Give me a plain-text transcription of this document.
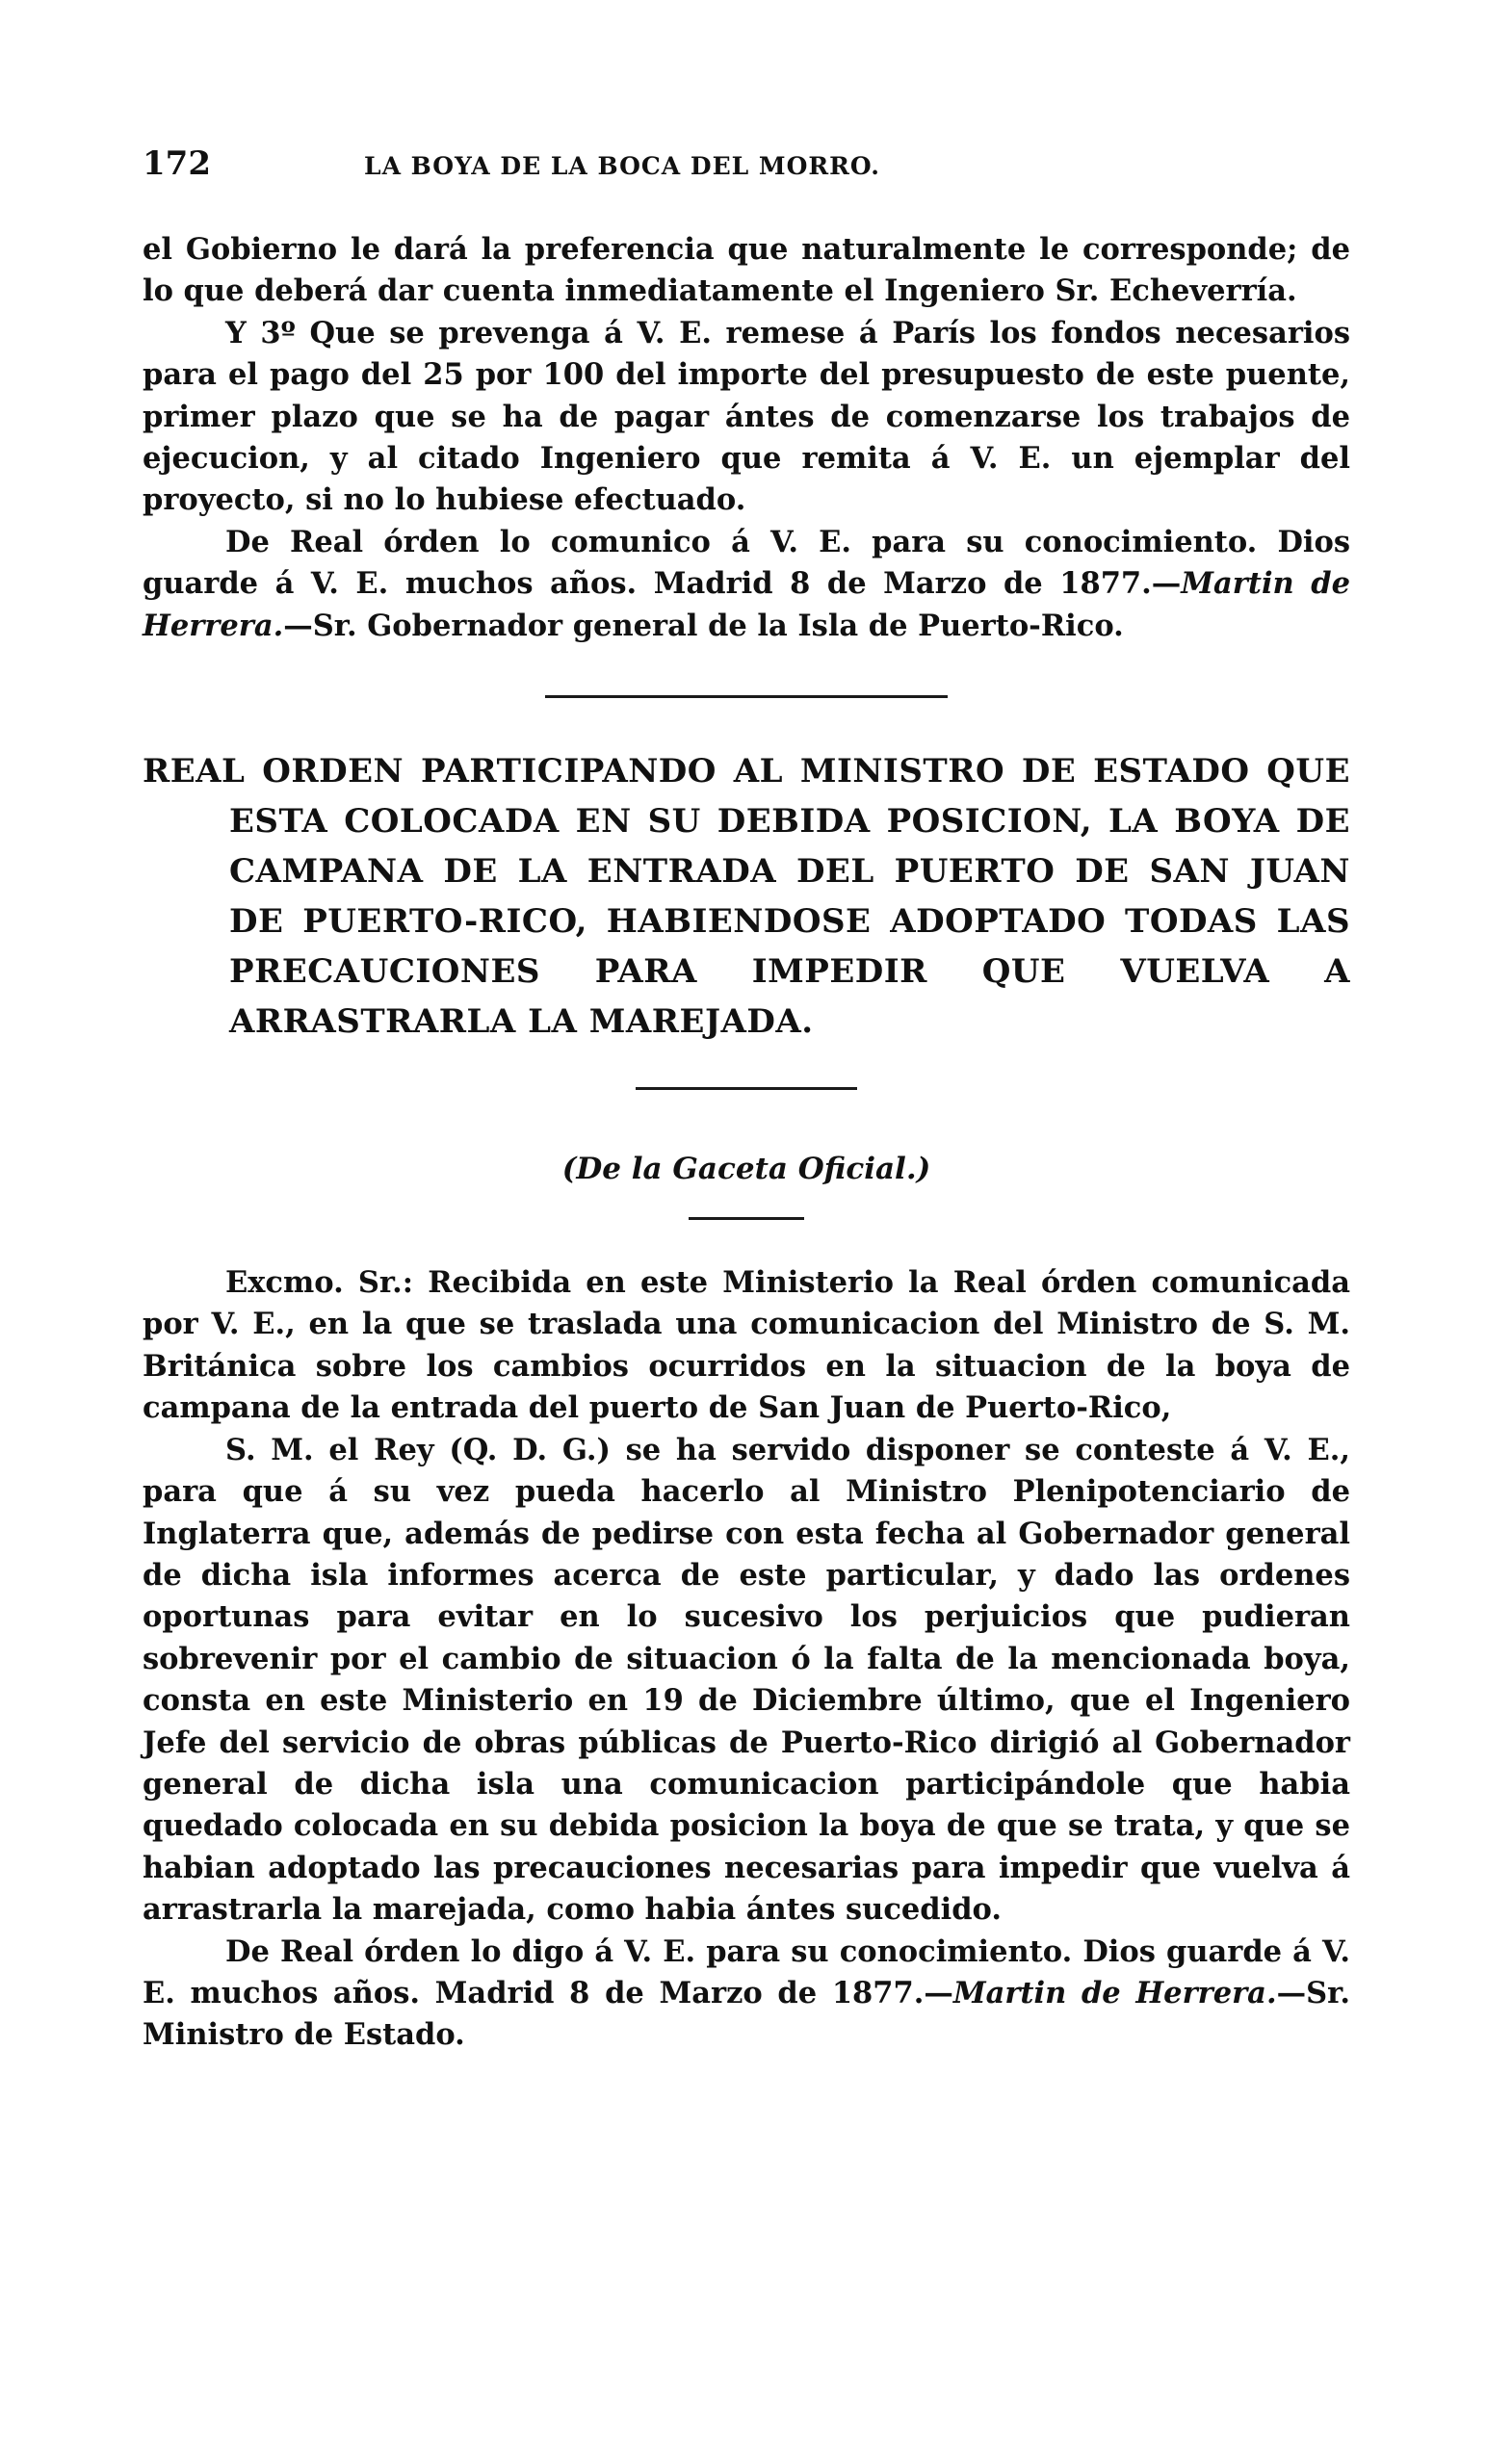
172	LA BOYA DE LA BOCA DEL MORRO.

el Gobierno le dará la preferencia que naturalmente le corresponde; de lo que deberá dar cuenta inmediatamente el Ingeniero Sr. Echeverría.

Y 3º Que se prevenga á V. E. remese á París los fondos necesarios para el pago del 25 por 100 del importe del presupuesto de este puente, primer plazo que se ha de pagar ántes de comenzarse los trabajos de ejecucion, y al citado Ingeniero que remita á V. E. un ejemplar del proyecto, si no lo hubiese efectuado.

De Real órden lo comunico á V. E. para su conocimiento. Dios guarde á V. E. muchos años. Madrid 8 de Marzo de 1877.—Martin de Herrera.—Sr. Gobernador general de la Isla de Puerto-Rico.

REAL ORDEN PARTICIPANDO AL MINISTRO DE ESTADO QUE ESTA COLOCADA EN SU DEBIDA POSICION, LA BOYA DE CAMPANA DE LA ENTRADA DEL PUERTO DE SAN JUAN DE PUERTO-RICO, HABIENDOSE ADOPTADO TODAS LAS PRECAUCIONES PARA IMPEDIR QUE VUELVA A ARRASTRARLA LA MAREJADA.
(De la Gaceta Oficial.)

Excmo. Sr.: Recibida en este Ministerio la Real órden comunicada por V. E., en la que se traslada una comunicacion del Ministro de S. M. Británica sobre los cambios ocurridos en la situacion de la boya de campana de la entrada del puerto de San Juan de Puerto-Rico,

S. M. el Rey (Q. D. G.) se ha servido disponer se conteste á V. E., para que á su vez pueda hacerlo al Ministro Plenipotenciario de Inglaterra que, además de pedirse con esta fecha al Gobernador general de dicha isla informes acerca de este particular, y dado las ordenes oportunas para evitar en lo sucesivo los perjuicios que pudieran sobrevenir por el cambio de situacion ó la falta de la mencionada boya, consta en este Ministerio en 19 de Diciembre último, que el Ingeniero Jefe del servicio de obras públicas de Puerto-Rico dirigió al Gobernador general de dicha isla una comunicacion participándole que habia quedado colocada en su debida posicion la boya de que se trata, y que se habian adoptado las precauciones necesarias para impedir que vuelva á arrastrarla la marejada, como habia ántes sucedido.

De Real órden lo digo á V. E. para su conocimiento. Dios guarde á V. E. muchos años. Madrid 8 de Marzo de 1877.—Martin de Herrera.—Sr. Ministro de Estado.
